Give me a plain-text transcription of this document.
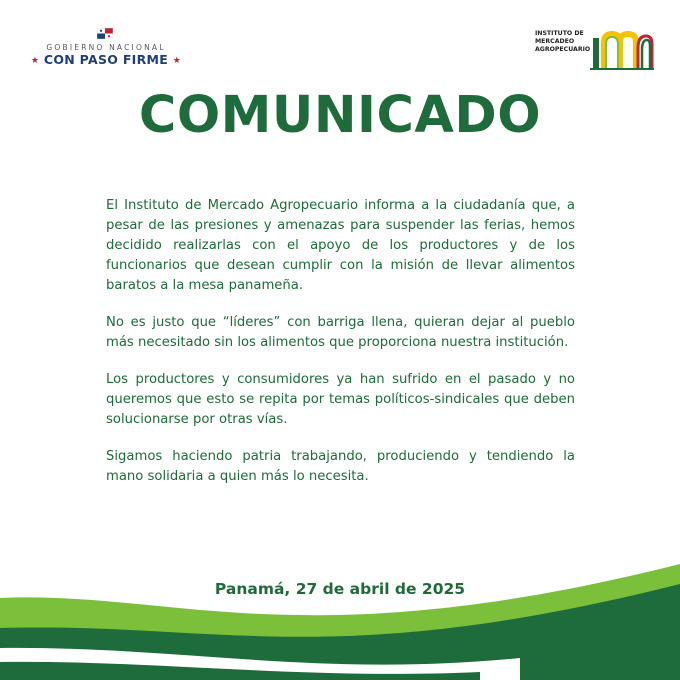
GOBIERNO NACIONAL
★ CON PASO FIRME ★
INSTITUTO DE
MERCADEO
AGROPECUARIO
COMUNICADO

El Instituto de Mercado Agropecuario informa a la ciudadanía que, a pesar de las presiones y amenazas para suspender las ferias, hemos decidido realizarlas con el apoyo de los productores y de los funcionarios que desean cumplir con la misión de llevar alimentos baratos a la mesa panameña.

No es justo que “líderes” con barriga llena, quieran dejar al pueblo más necesitado sin los alimentos que proporciona nuestra institución.

Los productores y consumidores ya han sufrido en el pasado y no queremos que esto se repita por temas políticos-sindicales que deben solucionarse por otras vías.

Sigamos haciendo patria trabajando, produciendo y tendiendo la mano solidaria a quien más lo necesita.

Panamá, 27 de abril de 2025
